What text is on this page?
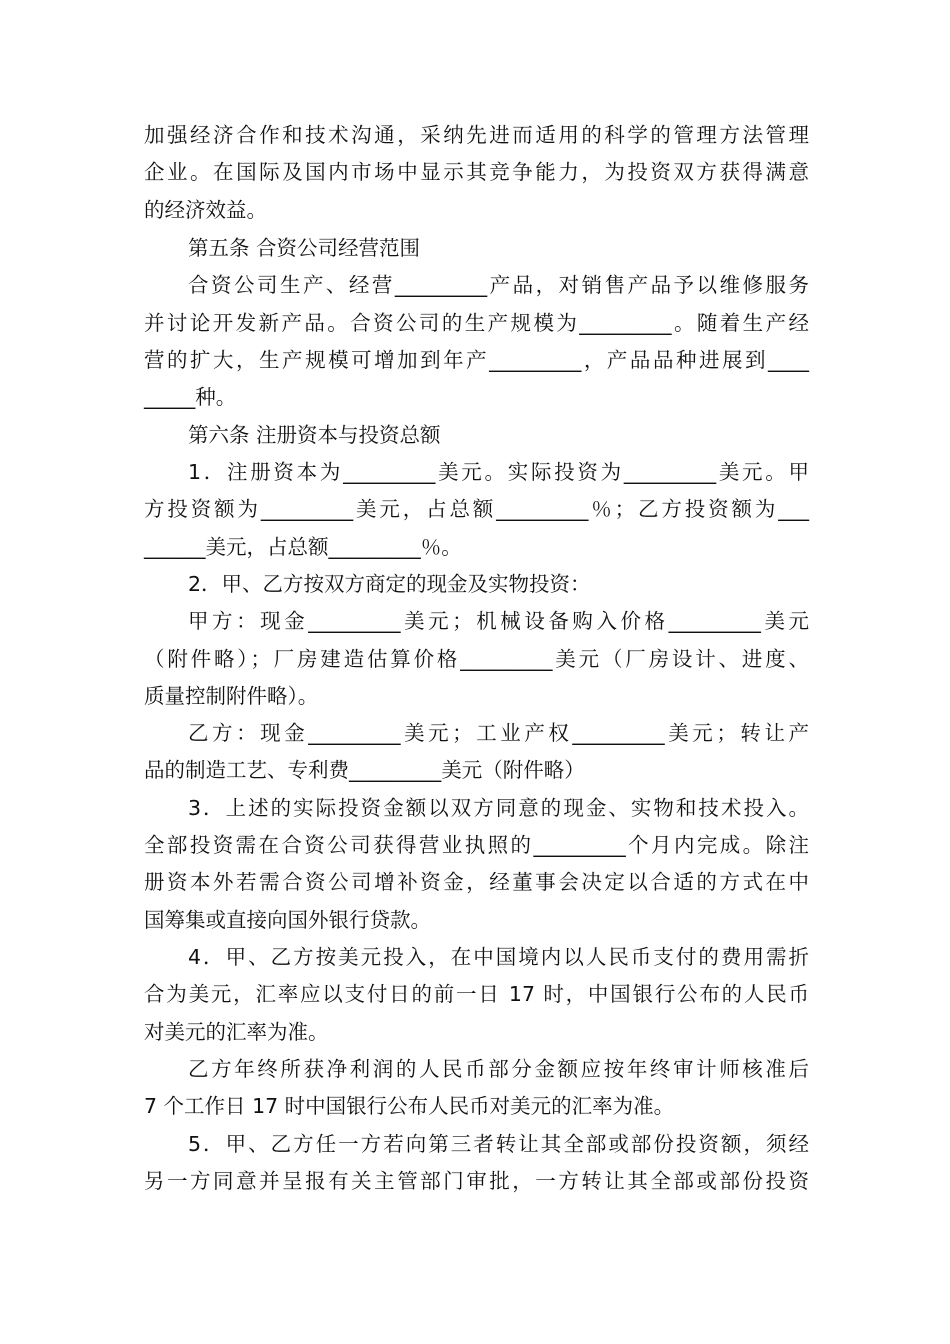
加强经济合作和技术沟通，采纳先进而适用的科学的管理方法管理
企业。在国际及国内市场中显示其竞争能力，为投资双方获得满意
的经济效益。
第五条 合资公司经营范围
合资公司生产、经营_________产品，对销售产品予以维修服务
并讨论开发新产品。合资公司的生产规模为_________。随着生产经
营的扩大，生产规模可增加到年产_________，产品品种进展到____
_____种。
第六条 注册资本与投资总额
1．注册资本为_________美元。实际投资为_________美元。甲
方投资额为_________美元，占总额_________％；乙方投资额为___
______美元，占总额_________％。
2．甲、乙方按双方商定的现金及实物投资：
甲方：现金_________美元；机械设备购入价格_________美元
（附件略）；厂房建造估算价格_________美元（厂房设计、进度、
质量控制附件略）。
乙方：现金_________美元；工业产权_________美元；转让产
品的制造工艺、专利费_________美元（附件略）
3．上述的实际投资金额以双方同意的现金、实物和技术投入。
全部投资需在合资公司获得营业执照的_________个月内完成。除注
册资本外若需合资公司增补资金，经董事会决定以合适的方式在中
国筹集或直接向国外银行贷款。
4．甲、乙方按美元投入，在中国境内以人民币支付的费用需折
合为美元，汇率应以支付日的前一日 17 时，中国银行公布的人民币
对美元的汇率为准。
乙方年终所获净利润的人民币部分金额应按年终审计师核准后
7 个工作日 17 时中国银行公布人民币对美元的汇率为准。
5．甲、乙方任一方若向第三者转让其全部或部份投资额，须经
另一方同意并呈报有关主管部门审批，一方转让其全部或部份投资
